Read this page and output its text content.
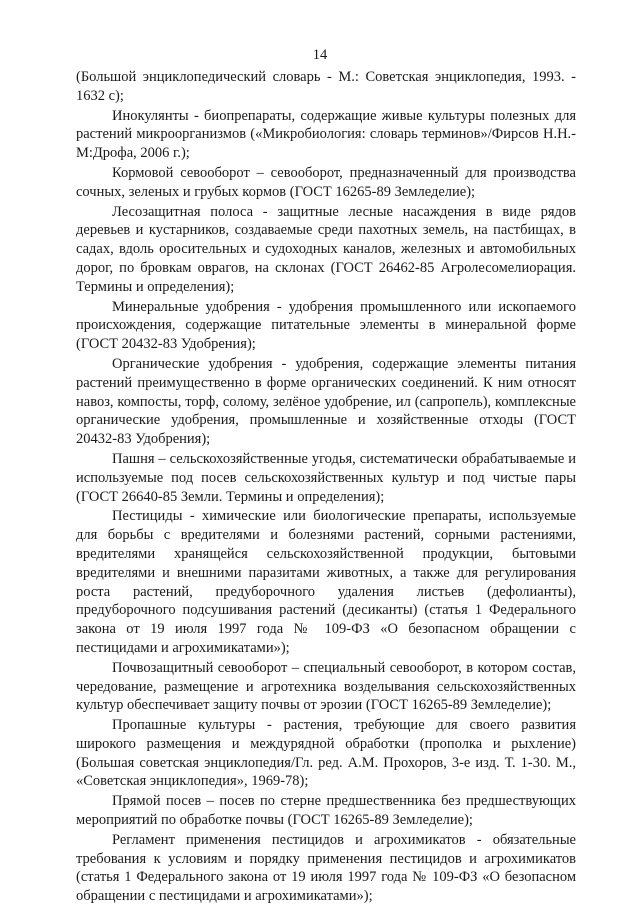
14

(Большой энциклопедический словарь - М.: Советская энциклопедия, 1993. - 1632 с);

Инокулянты - биопрепараты, содержащие живые культуры полезных для растений микроорганизмов («Микробиология: словарь терминов»/Фирсов Н.Н.- М:Дрофа, 2006 г.);

Кормовой севооборот – севооборот, предназначенный для производства сочных, зеленых и грубых кормов (ГОСТ 16265-89 Земледелие);

Лесозащитная полоса - защитные лесные насаждения в виде рядов деревьев и кустарников, создаваемые среди пахотных земель, на пастбищах, в садах, вдоль оросительных и судоходных каналов, железных и автомобильных дорог, по бровкам оврагов, на склонах (ГОСТ 26462-85 Агролесомелиорация. Термины и определения);

Минеральные удобрения - удобрения промышленного или ископаемого происхождения, содержащие питательные элементы в минеральной форме (ГОСТ 20432-83 Удобрения);

Органические удобрения - удобрения, содержащие элементы питания растений преимущественно в форме органических соединений. К ним относят навоз, компосты, торф, солому, зелёное удобрение, ил (сапропель), комплексные органические удобрения, промышленные и хозяйственные отходы (ГОСТ 20432-83 Удобрения);

Пашня – сельскохозяйственные угодья, систематически обрабатываемые и используемые под посев сельскохозяйственных культур и под чистые пары (ГОСТ 26640-85 Земли. Термины и определения);

Пестициды - химические или биологические препараты, используемые для борьбы с вредителями и болезнями растений, сорными растениями, вредителями хранящейся сельскохозяйственной продукции, бытовыми вредителями и внешними паразитами животных, а также для регулирования роста растений, предуборочного удаления листьев (дефолианты), предуборочного подсушивания растений (десиканты) (статья 1 Федерального закона от 19 июля 1997 года № 109-ФЗ «О безопасном обращении с пестицидами и агрохимикатами»);

Почвозащитный севооборот – специальный севооборот, в котором состав, чередование, размещение и агротехника возделывания сельскохозяйственных культур обеспечивает защиту почвы от эрозии (ГОСТ 16265-89 Земледелие);

Пропашные культуры - растения, требующие для своего развития широкого размещения и междурядной обработки (прополка и рыхление) (Большая советская энциклопедия/Гл. ред. А.М. Прохоров, 3-е изд. Т. 1-30. М., «Советская энциклопедия», 1969-78);

Прямой посев – посев по стерне предшественника без предшествующих мероприятий по обработке почвы (ГОСТ 16265-89 Земледелие);

Регламент применения пестицидов и агрохимикатов - обязательные требования к условиям и порядку применения пестицидов и агрохимикатов (статья 1 Федерального закона от 19 июля 1997 года № 109-ФЗ «О безопасном обращении с пестицидами и агрохимикатами»);
